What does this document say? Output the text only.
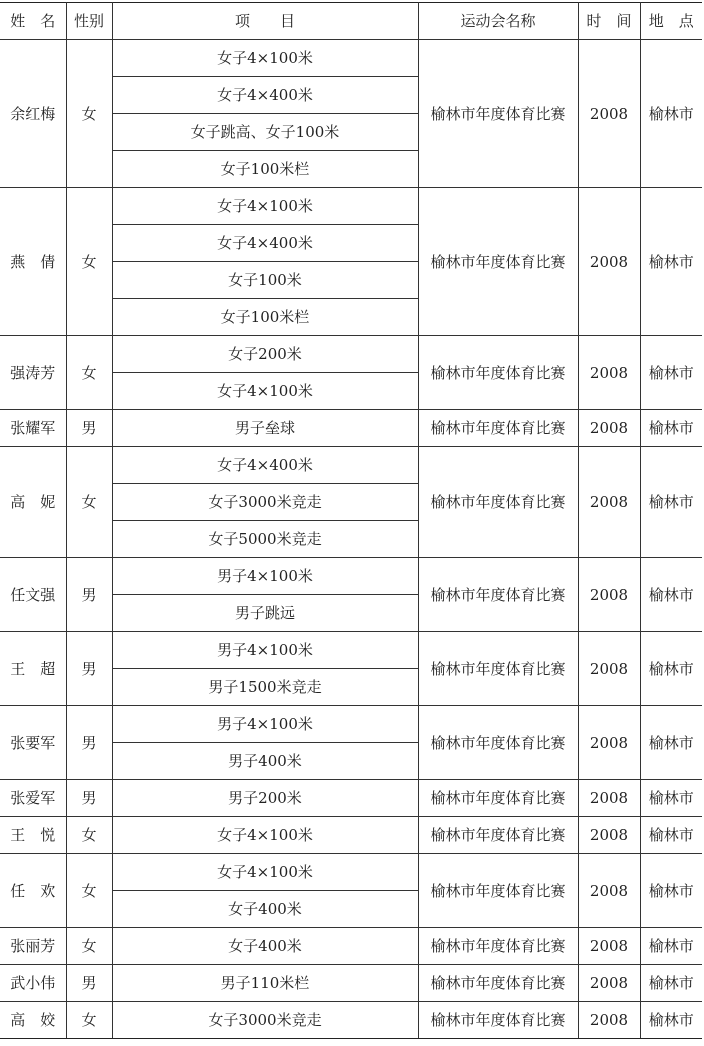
姓　名	性别	项　　目	运动会名称	时　间	地　点
余红梅	女	女子4×100米	榆林市年度体育比赛	2008	榆林市
		女子4×400米			
		女子跳高、女子100米			
		女子100米栏			
燕　倩	女	女子4×100米	榆林市年度体育比赛	2008	榆林市
		女子4×400米			
		女子100米			
		女子100米栏			
强涛芳	女	女子200米	榆林市年度体育比赛	2008	榆林市
		女子4×100米			
张耀军	男	男子垒球	榆林市年度体育比赛	2008	榆林市
高　妮	女	女子4×400米	榆林市年度体育比赛	2008	榆林市
		女子3000米竞走			
		女子5000米竞走			
任文强	男	男子4×100米	榆林市年度体育比赛	2008	榆林市
		男子跳远			
王　超	男	男子4×100米	榆林市年度体育比赛	2008	榆林市
		男子1500米竞走			
张要军	男	男子4×100米	榆林市年度体育比赛	2008	榆林市
		男子400米			
张爱军	男	男子200米	榆林市年度体育比赛	2008	榆林市
王　悦	女	女子4×100米	榆林市年度体育比赛	2008	榆林市
任　欢	女	女子4×100米	榆林市年度体育比赛	2008	榆林市
		女子400米			
张丽芳	女	女子400米	榆林市年度体育比赛	2008	榆林市
武小伟	男	男子110米栏	榆林市年度体育比赛	2008	榆林市
高　姣	女	女子3000米竞走	榆林市年度体育比赛	2008	榆林市
